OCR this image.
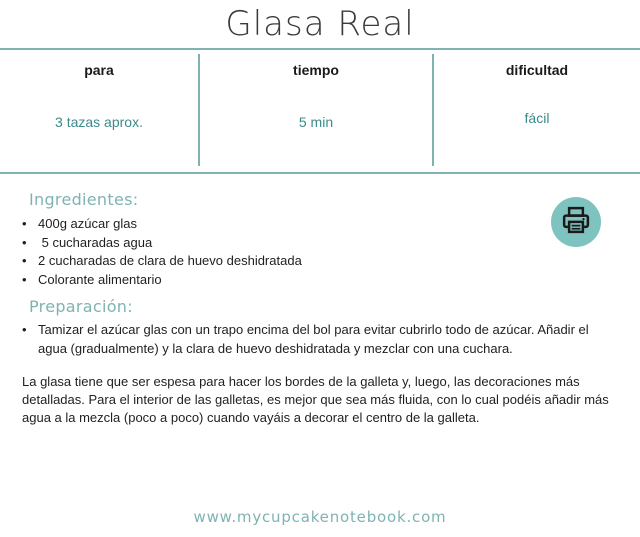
Glasa Real
para
3 tazas aprox.
tiempo
5 min
dificultad
fácil
Ingredientes:
• 400g azúcar glas
•  5 cucharadas agua
• 2 cucharadas de clara de huevo deshidratada
• Colorante alimentario
Preparación:
• Tamizar el azúcar glas con un trapo encima del bol para evitar cubrirlo todo de azúcar. Añadir el agua (gradualmente) y la clara de huevo deshidratada y mezclar con una cuchara.

La glasa tiene que ser espesa para hacer los bordes de la galleta y, luego, las decoraciones más detalladas. Para el interior de las galletas, es mejor que sea más fluida, con lo cual podéis añadir más agua a la mezcla (poco a poco) cuando vayáis a decorar el centro de la galleta.

www.mycupcakenotebook.com
